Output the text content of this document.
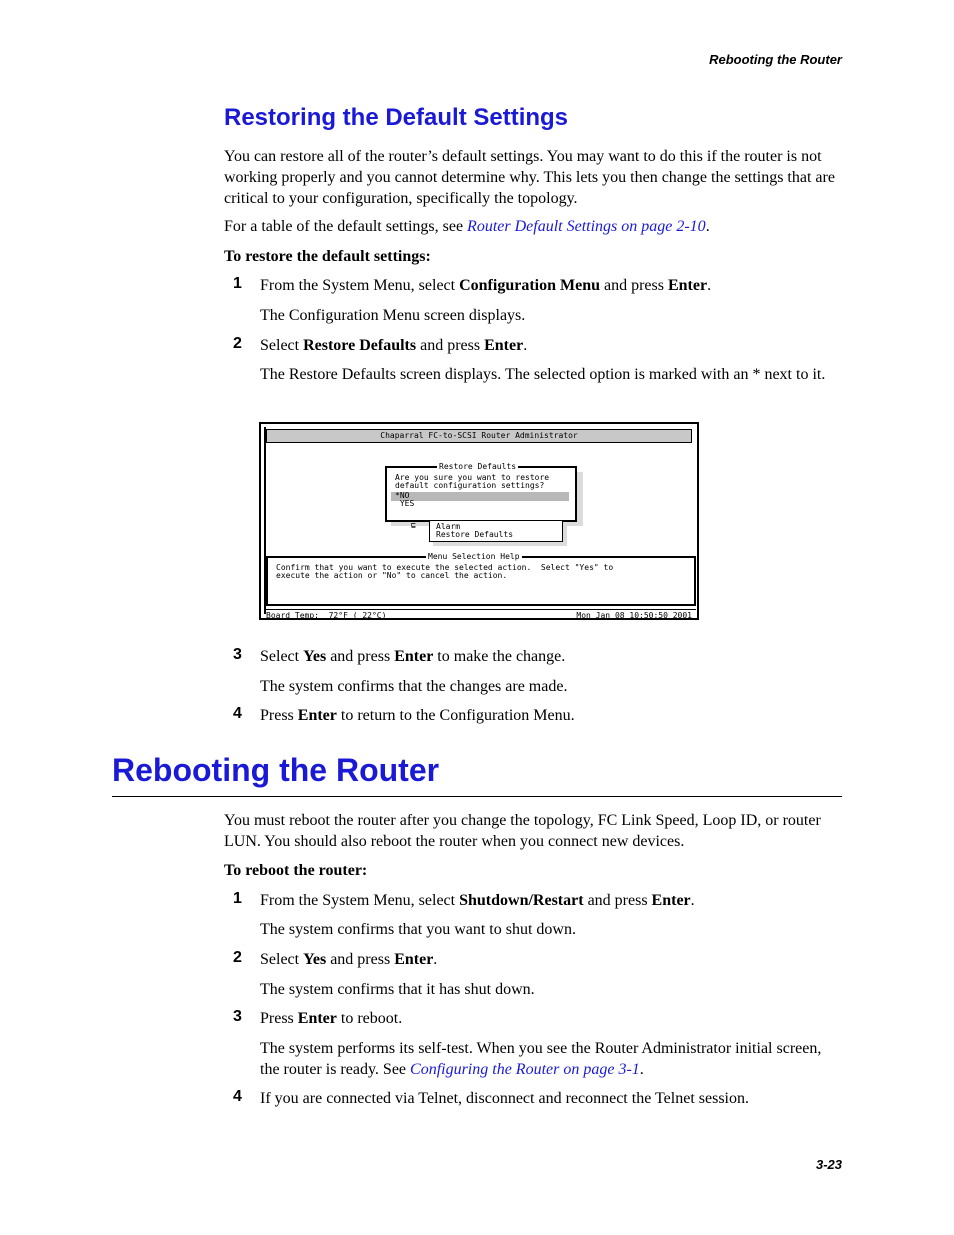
Rebooting the Router
Restoring the Default Settings
You can restore all of the router’s default settings. You may want to do this if the router is not working properly and you cannot determine why. This lets you then change the settings that are critical to your configuration, specifically the topology.
For a table of the default settings, see Router Default Settings on page 2-10.
To restore the default settings:
1 From the System Menu, select Configuration Menu and press Enter.
The Configuration Menu screen displays.
2 Select Restore Defaults and press Enter.
The Restore Defaults screen displays. The selected option is marked with an * next to it.
Chaparral FC-to-SCSI Router Administrator
Restore Defaults
Are you sure you want to restore
default configuration settings?
*NO
YES
Alarm
Restore Defaults
⊑
Menu Selection Help
Confirm that you want to execute the selected action.  Select "Yes" to
execute the action or "No" to cancel the action.

Board Temp:  72°F ( 22°C)

	Mon Jan 08 10:50:50 2001

3 Select Yes and press Enter to make the change.
The system confirms that the changes are made.
4 Press Enter to return to the Configuration Menu.
Rebooting the Router
You must reboot the router after you change the topology, FC Link Speed, Loop ID, or router LUN. You should also reboot the router when you connect new devices.
To reboot the router:
1 From the System Menu, select Shutdown/Restart and press Enter.
The system confirms that you want to shut down.
2 Select Yes and press Enter.
The system confirms that it has shut down.
3 Press Enter to reboot.
The system performs its self-test. When you see the Router Administrator initial screen, the router is ready. See Configuring the Router on page 3-1.
4 If you are connected via Telnet, disconnect and reconnect the Telnet session.
3-23
